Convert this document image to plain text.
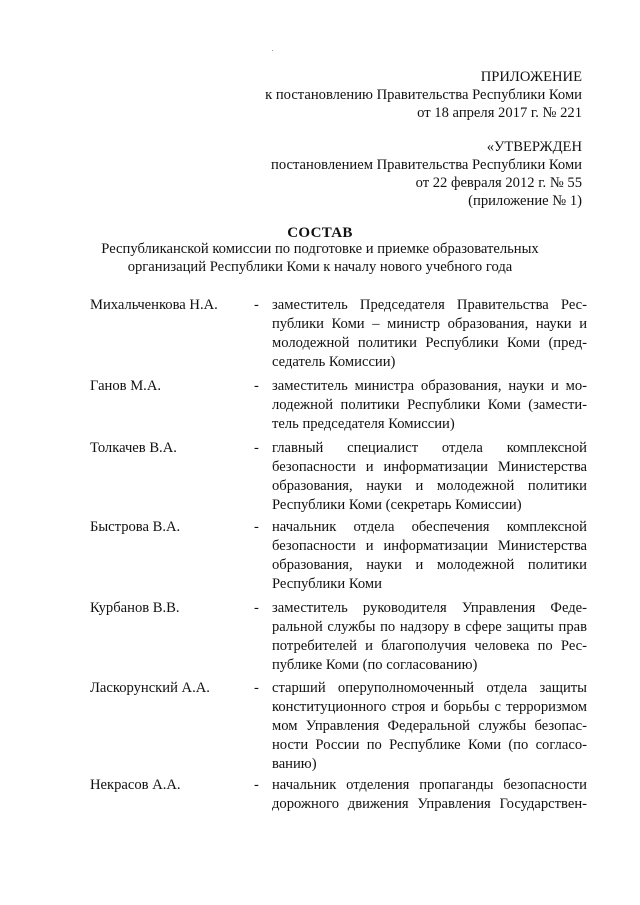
ПРИЛОЖЕНИЕ
к постановлению Правительства Республики Коми
от 18 апреля 2017 г. № 221
«УТВЕРЖДЕН
постановлением Правительства Республики Коми
от 22 февраля 2012 г. № 55
(приложение № 1)
СОСТАВ
Республиканской комиссии по подготовке и приемке образовательных
организаций Республики Коми к началу нового учебного года
Михальченкова Н.А. - заместитель Председателя Правительства Рес-
публики Коми – министр образования, науки и
молодежной политики Республики Коми (пред-
седатель Комиссии)
Ганов М.А.	- заместитель министра образования, науки и мо-
лодежной политики Республики Коми (замести-
тель председателя Комиссии)
Толкачев В.А.	- главный специалист отдела комплексной
безопасности и информатизации Министерства
образования, науки и молодежной политики
Республики Коми (секретарь Комиссии)
Быстрова В.А.	- начальник отдела обеспечения комплексной
безопасности и информатизации Министерства
образования, науки и молодежной политики
Республики Коми
Курбанов В.В.	- заместитель руководителя Управления Феде-
ральной службы по надзору в сфере защиты прав
потребителей и благополучия человека по Рес-
публике Коми (по согласованию)
Ласкорунский А.А.	- старший оперуполномоченный отдела защиты
конституционного строя и борьбы с терроризмом
мом Управления Федеральной службы безопас-
ности России по Республике Коми (по согласо-
ванию)
Некрасов А.А.	- начальник отделения пропаганды безопасности
дорожного движения Управления Государствен-
